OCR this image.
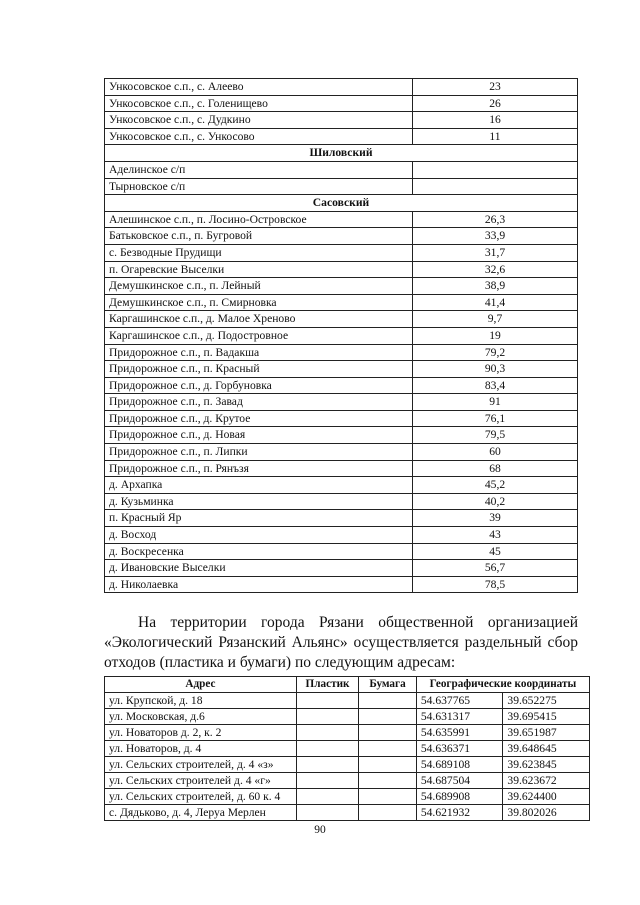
Ункосовское с.п., с. Алеево	23
Ункосовское с.п., с. Голенищево	26
Ункосовское с.п., с. Дудкино	16
Ункосовское с.п., с. Ункосово	11
Шиловский	
Аделинское с/п	
Тырновское с/п	
Сасовский	
Алешинское с.п., п. Лосино-Островское	26,3
Батьковское с.п., п. Бугровой	33,9
с. Безводные Прудищи	31,7
п. Огаревские Выселки	32,6
Демушкинское с.п., п. Лейный	38,9
Демушкинское с.п., п. Смирновка	41,4
Каргашинское с.п., д. Малое Хреново	9,7
Каргашинское с.п., д. Подостровное	19
Придорожное с.п., п. Вадакша	79,2
Придорожное с.п., п. Красный	90,3
Придорожное с.п., д. Горбуновка	83,4
Придорожное с.п., п. Завад	91
Придорожное с.п., д. Крутое	76,1
Придорожное с.п., д. Новая	79,5
Придорожное с.п., п. Липки	60
Придорожное с.п., п. Рянъзя	68
д. Архапка	45,2
д. Кузьминка	40,2
п. Красный Яр	39
д. Восход	43
д. Воскресенка	45
д. Ивановские Выселки	56,7
д. Николаевка	78,5

На территории города Рязани общественной организацией «Экологический Рязанский Альянс» осуществляется раздельный сбор отходов (пластика и бумаги) по следующим адресам:

Адрес	Пластик	Бумага	Географические координаты	
ул. Крупской, д. 18			54.637765	39.652275
ул. Московская, д.6			54.631317	39.695415
ул. Новаторов д. 2, к. 2			54.635991	39.651987
ул. Новаторов, д. 4			54.636371	39.648645
ул. Сельских строителей, д. 4 «з»			54.689108	39.623845
ул. Сельских строителей д. 4 «г»			54.687504	39.623672
ул. Сельских строителей, д. 60 к. 4			54.689908	39.624400
с. Дядьково, д. 4, Леруа Мерлен			54.621932	39.802026
90
